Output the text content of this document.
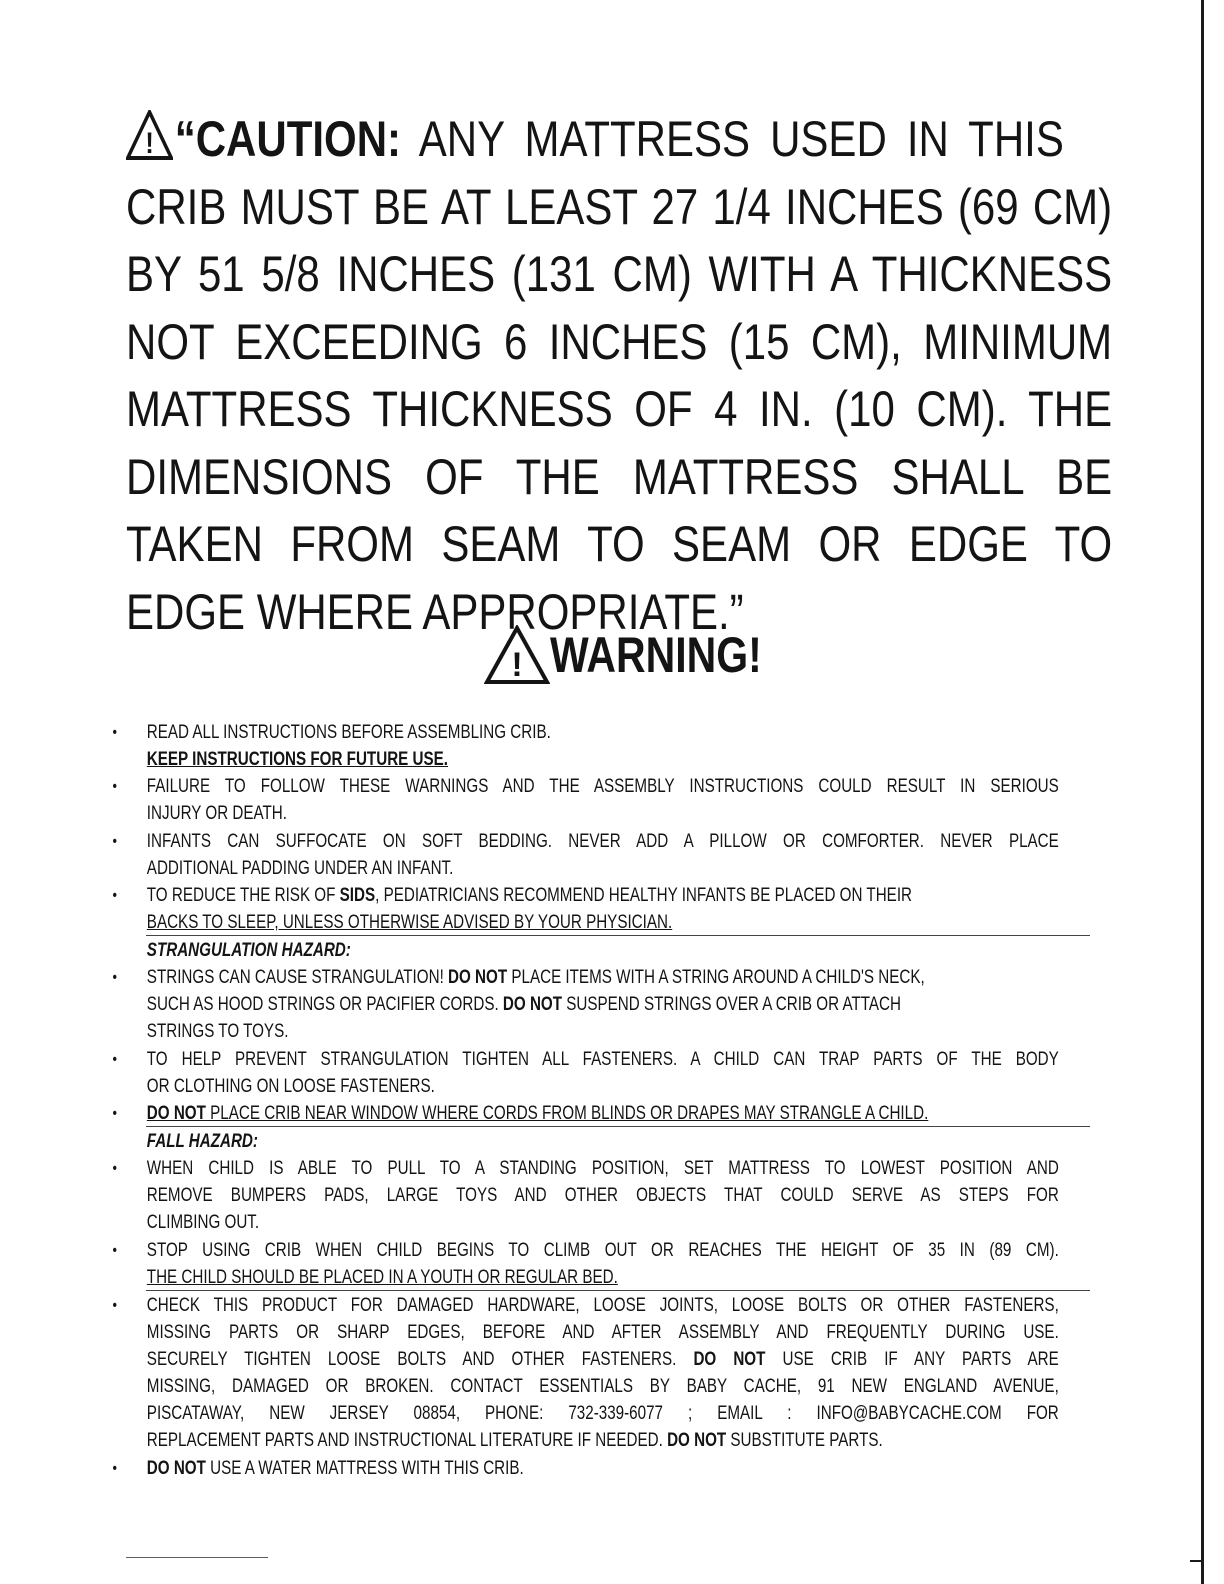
! “CAUTION: ANY MATTRESS USED IN THIS
CRIB MUST BE AT LEAST 27 1/4 INCHES (69 CM)
BY 51 5/8 INCHES (131 CM) WITH A THICKNESS
NOT EXCEEDING 6 INCHES (15 CM), MINIMUM
MATTRESS THICKNESS OF 4 IN. (10 CM). THE
DIMENSIONS OF THE MATTRESS SHALL BE
TAKEN FROM SEAM TO SEAM OR EDGE TO
EDGE WHERE APPROPRIATE.”
! WARNING!
• READ ALL INSTRUCTIONS BEFORE ASSEMBLING CRIB.
KEEP INSTRUCTIONS FOR FUTURE USE.
• FAILURE TO FOLLOW THESE WARNINGS AND THE ASSEMBLY INSTRUCTIONS COULD RESULT IN SERIOUS
INJURY OR DEATH.
• INFANTS CAN SUFFOCATE ON SOFT BEDDING. NEVER ADD A PILLOW OR COMFORTER. NEVER PLACE
ADDITIONAL PADDING UNDER AN INFANT.
• TO REDUCE THE RISK OF SIDS, PEDIATRICIANS RECOMMEND HEALTHY INFANTS BE PLACED ON THEIR
BACKS TO SLEEP, UNLESS OTHERWISE ADVISED BY YOUR PHYSICIAN.
STRANGULATION HAZARD:
• STRINGS CAN CAUSE STRANGULATION! DO NOT PLACE ITEMS WITH A STRING AROUND A CHILD'S NECK,
SUCH AS HOOD STRINGS OR PACIFIER CORDS. DO NOT SUSPEND STRINGS OVER A CRIB OR ATTACH
STRINGS TO TOYS.
• TO HELP PREVENT STRANGULATION TIGHTEN ALL FASTENERS. A CHILD CAN TRAP PARTS OF THE BODY
OR CLOTHING ON LOOSE FASTENERS.
• DO NOT PLACE CRIB NEAR WINDOW WHERE CORDS FROM BLINDS OR DRAPES MAY STRANGLE A CHILD.
FALL HAZARD:
• WHEN CHILD IS ABLE TO PULL TO A STANDING POSITION, SET MATTRESS TO LOWEST POSITION AND
REMOVE BUMPERS PADS, LARGE TOYS AND OTHER OBJECTS THAT COULD SERVE AS STEPS FOR
CLIMBING OUT.
• STOP USING CRIB WHEN CHILD BEGINS TO CLIMB OUT OR REACHES THE HEIGHT OF 35 IN (89 CM).
THE CHILD SHOULD BE PLACED IN A YOUTH OR REGULAR BED.
• CHECK THIS PRODUCT FOR DAMAGED HARDWARE, LOOSE JOINTS, LOOSE BOLTS OR OTHER FASTENERS,
MISSING PARTS OR SHARP EDGES, BEFORE AND AFTER ASSEMBLY AND FREQUENTLY DURING USE.
SECURELY TIGHTEN LOOSE BOLTS AND OTHER FASTENERS. DO NOT USE CRIB IF ANY PARTS ARE
MISSING, DAMAGED OR BROKEN. CONTACT ESSENTIALS BY BABY CACHE, 91 NEW ENGLAND AVENUE,
PISCATAWAY, NEW JERSEY 08854, PHONE: 732-339-6077 ; EMAIL : INFO@BABYCACHE.COM FOR
REPLACEMENT PARTS AND INSTRUCTIONAL LITERATURE IF NEEDED. DO NOT SUBSTITUTE PARTS.
• DO NOT USE A WATER MATTRESS WITH THIS CRIB.
